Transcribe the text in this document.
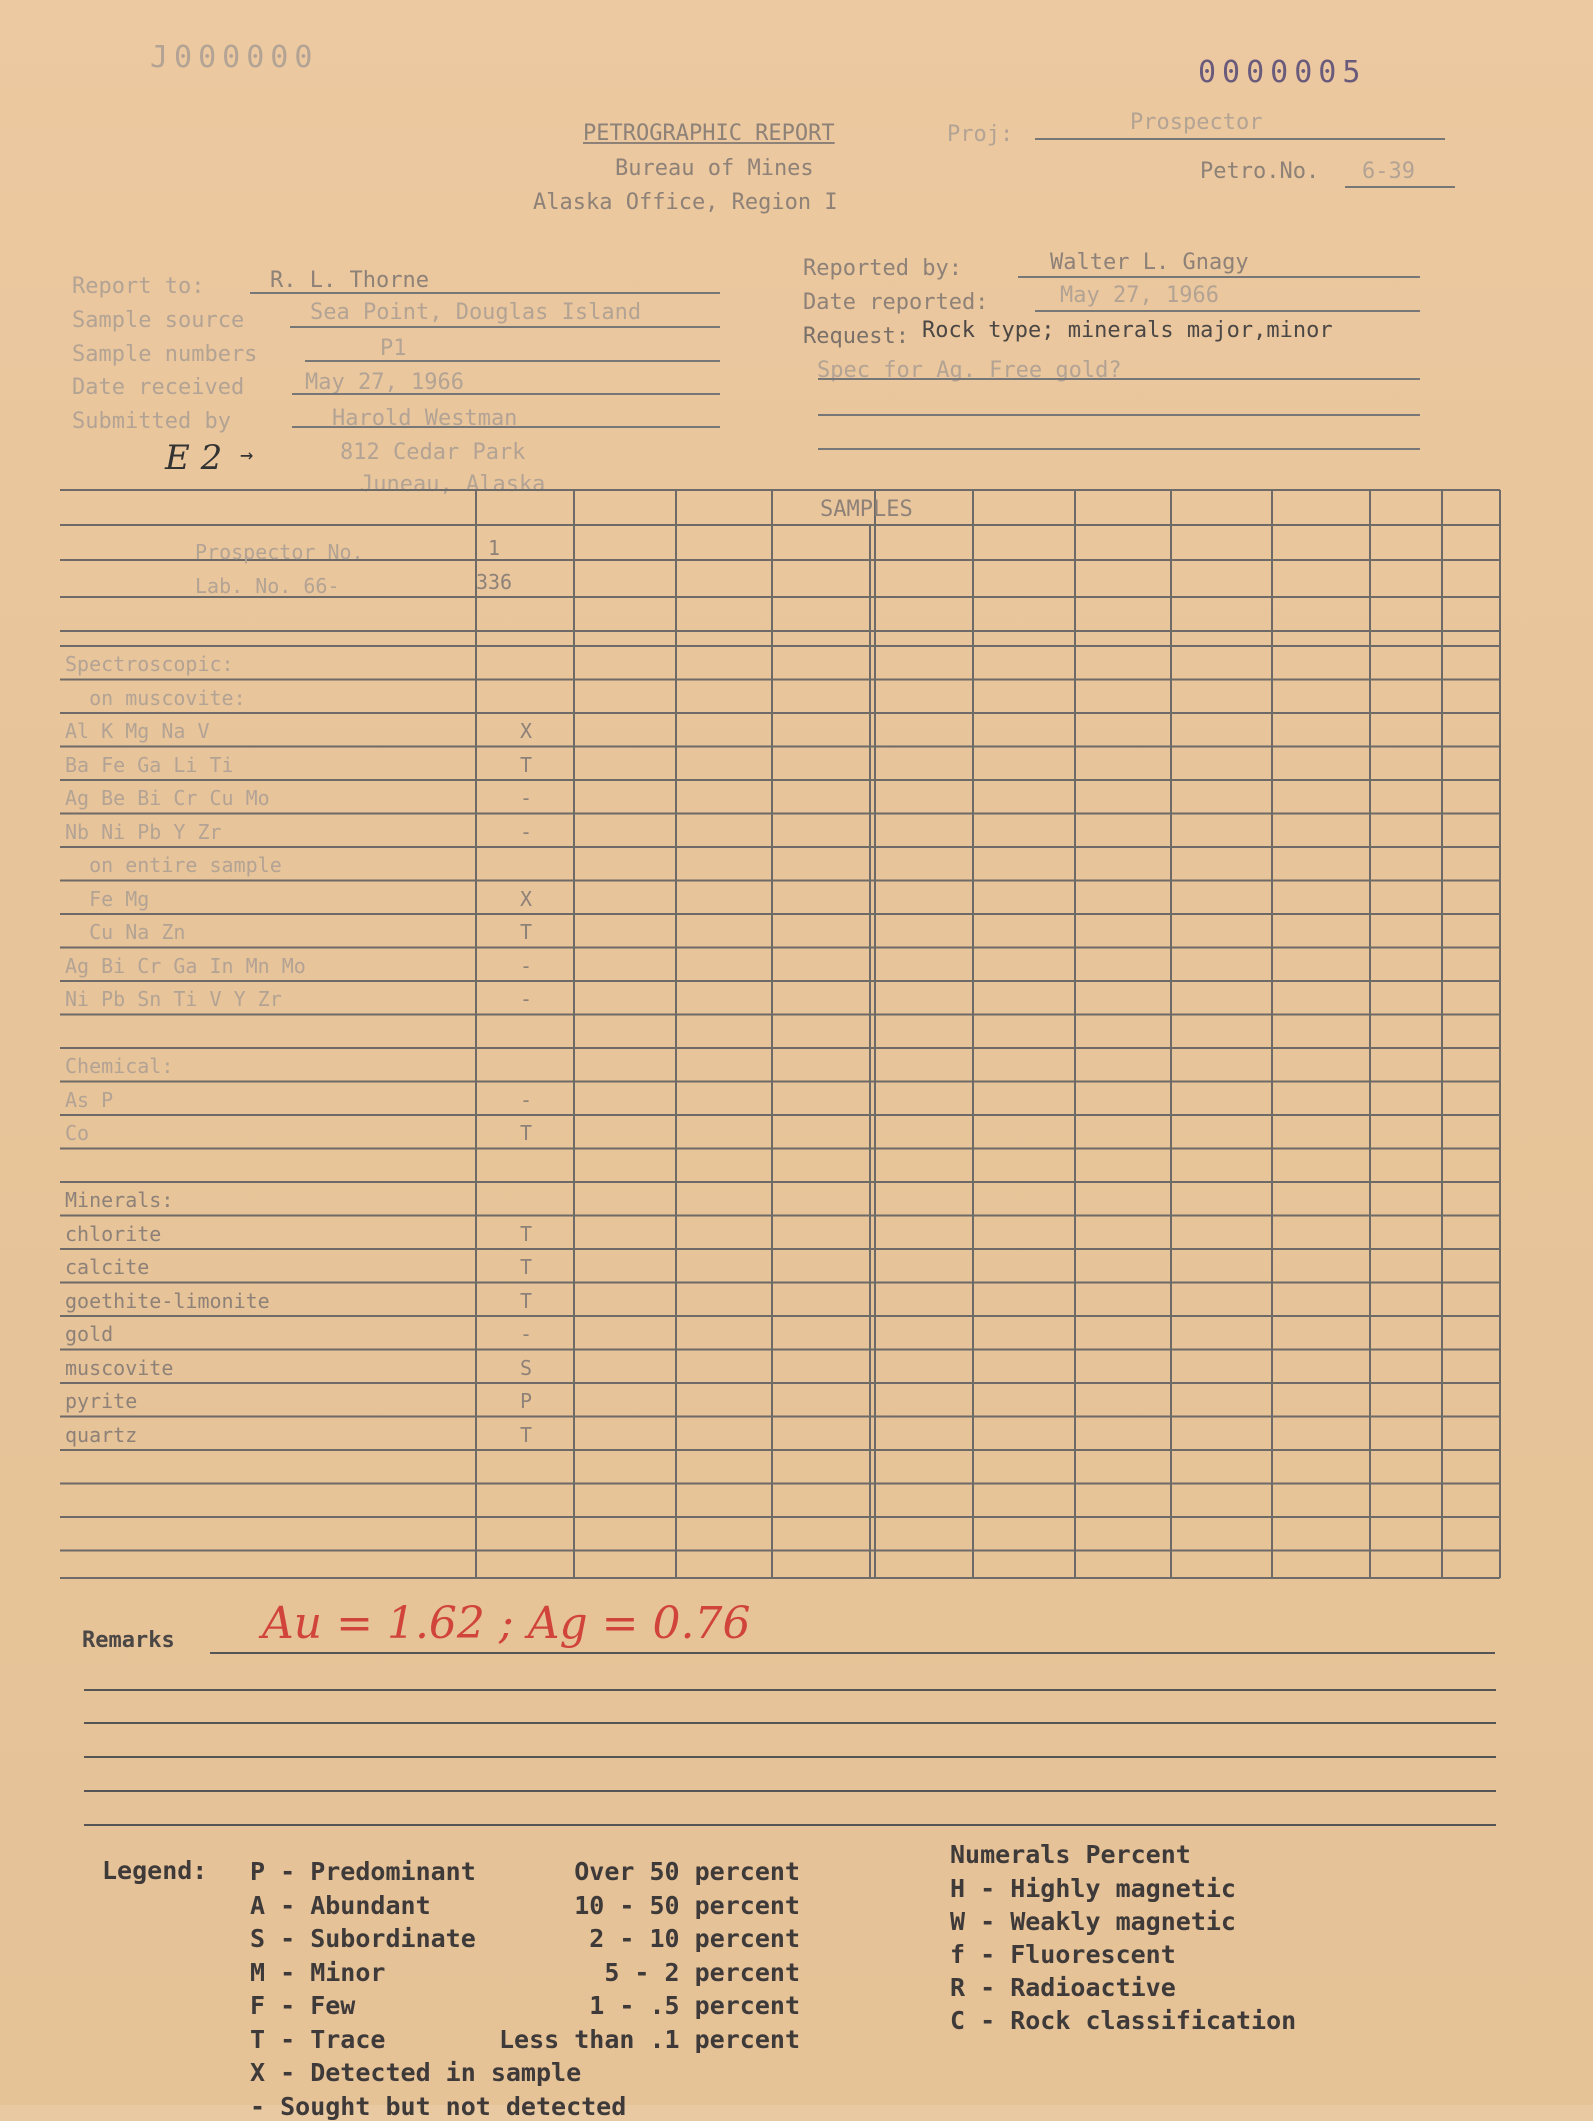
J000000	0000005
PETROGRAPHIC REPORT
Bureau of Mines
Alaska Office, Region I
Proj:	Prospector
Petro.No. 6-39
Report to:	R. L. Thorne
Sample source	Sea Point, Douglas Island
Sample numbers	P1
Date received	May 27, 1966
Submitted by	Harold Westman
E 2 →	812 Cedar Park
Juneau, Alaska
Reported by:	Walter L. Gnagy
Date reported:	May 27, 1966
Request: Rock type; minerals major,minor
Spec for Ag. Free gold?
SAMPLES
Prospector No.	1
Lab. No. 66-	336
Spectroscopic:
on muscovite:
Al K Mg Na V	X
Ba Fe Ga Li Ti	T
Ag Be Bi Cr Cu Mo	-
Nb Ni Pb Y Zr	-
on entire sample
Fe Mg	X
Cu Na Zn	T
Ag Bi Cr Ga In Mn Mo	-
Ni Pb Sn Ti V Y Zr	-
Chemical:
As P	-
Co	T
Minerals:
chlorite	T
calcite	T
goethite-limonite	T
gold	-
muscovite	S
pyrite	P
quartz	T
Remarks Au = 1.62 ; Ag = 0.76
Legend: P - Predominant	Over 50 percent
A - Abundant	10 - 50 percent
S - Subordinate	2 - 10 percent
M - Minor	5 - 2 percent
F - Few	1 - .5 percent
T - Trace	Less than .1 percent
X - Detected in sample
- Sought but not detected
Numerals Percent
H - Highly magnetic
W - Weakly magnetic
f - Fluorescent
R - Radioactive
C - Rock classification
